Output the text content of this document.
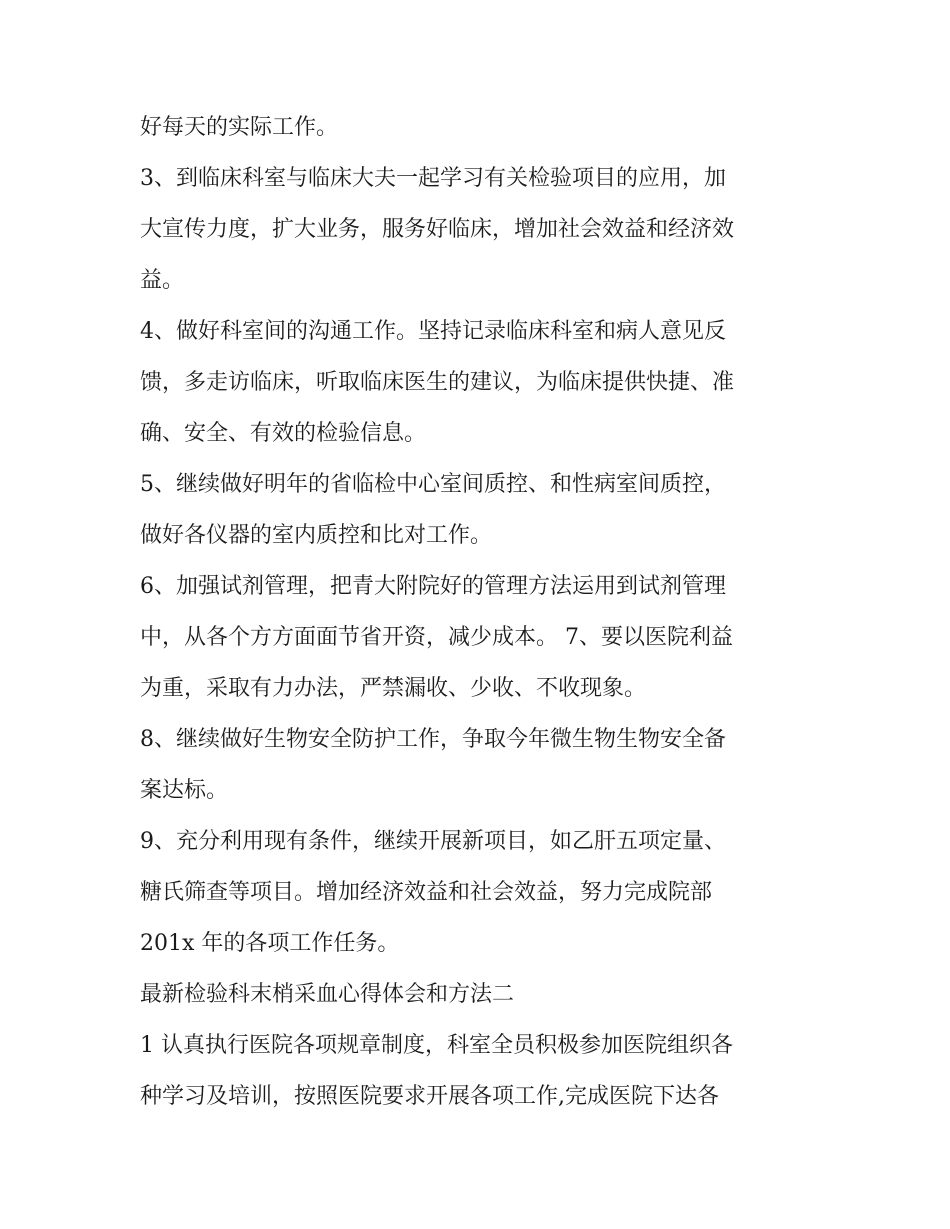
好每天的实际工作。
3、到临床科室与临床大夫一起学习有关检验项目的应用，加
大宣传力度，扩大业务，服务好临床，增加社会效益和经济效
益。
4、做好科室间的沟通工作。坚持记录临床科室和病人意见反
馈，多走访临床，听取临床医生的建议，为临床提供快捷、准
确、安全、有效的检验信息。
5、继续做好明年的省临检中心室间质控、和性病室间质控，
做好各仪器的室内质控和比对工作。
6、加强试剂管理，把青大附院好的管理方法运用到试剂管理
中，从各个方方面面节省开资，减少成本。 7、要以医院利益
为重，采取有力办法，严禁漏收、少收、不收现象。
8、继续做好生物安全防护工作，争取今年微生物生物安全备
案达标。
9、充分利用现有条件，继续开展新项目，如乙肝五项定量、
糖氏筛查等项目。增加经济效益和社会效益，努力完成院部
201x 年的各项工作任务。
最新检验科末梢采血心得体会和方法二
1 认真执行医院各项规章制度，科室全员积极参加医院组织各
种学习及培训，按照医院要求开展各项工作,完成医院下达各
